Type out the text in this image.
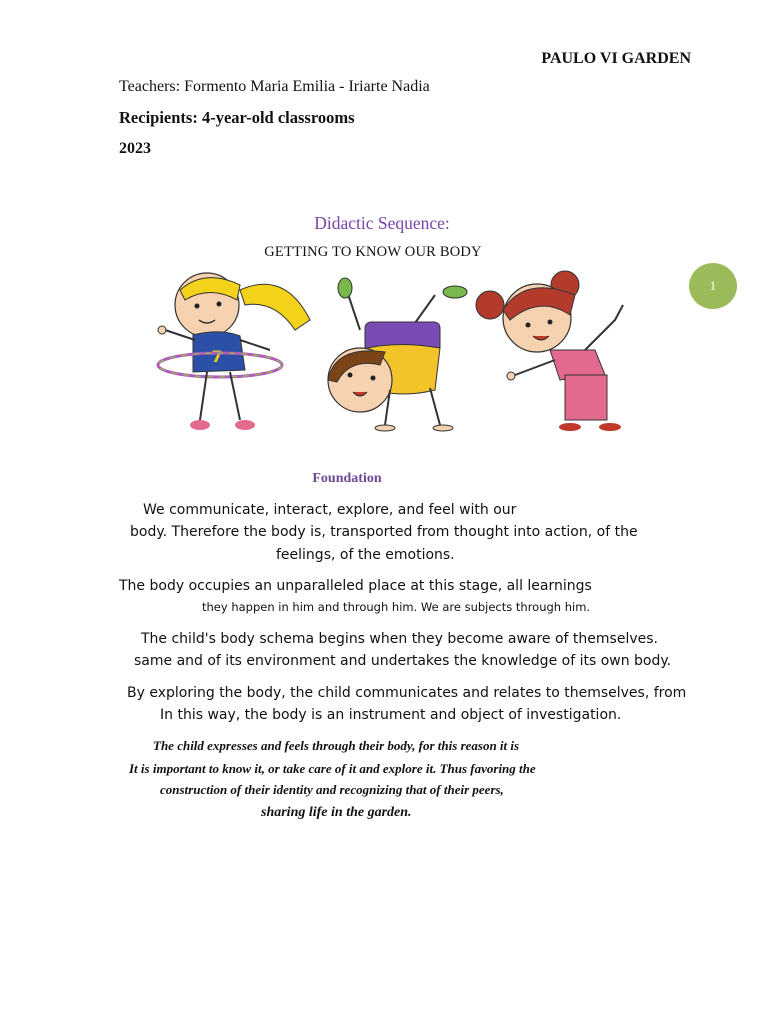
PAULO VI GARDEN
Teachers: Formento Maria Emilia - Iriarte Nadia
Recipients: 4-year-old classrooms
2023
Didactic Sequence:
GETTING TO KNOW OUR BODY
1
7
Foundation
We communicate, interact, explore, and feel with our
body. Therefore the body is, transported from thought into action, of the
feelings, of the emotions.
The body occupies an unparalleled place at this stage, all learnings
they happen in him and through him. We are subjects through him.
The child's body schema begins when they become aware of themselves.
same and of its environment and undertakes the knowledge of its own body.
By exploring the body, the child communicates and relates to themselves, from
In this way, the body is an instrument and object of investigation.
The child expresses and feels through their body, for this reason it is
It is important to know it, or take care of it and explore it. Thus favoring the
construction of their identity and recognizing that of their peers,
sharing life in the garden.
